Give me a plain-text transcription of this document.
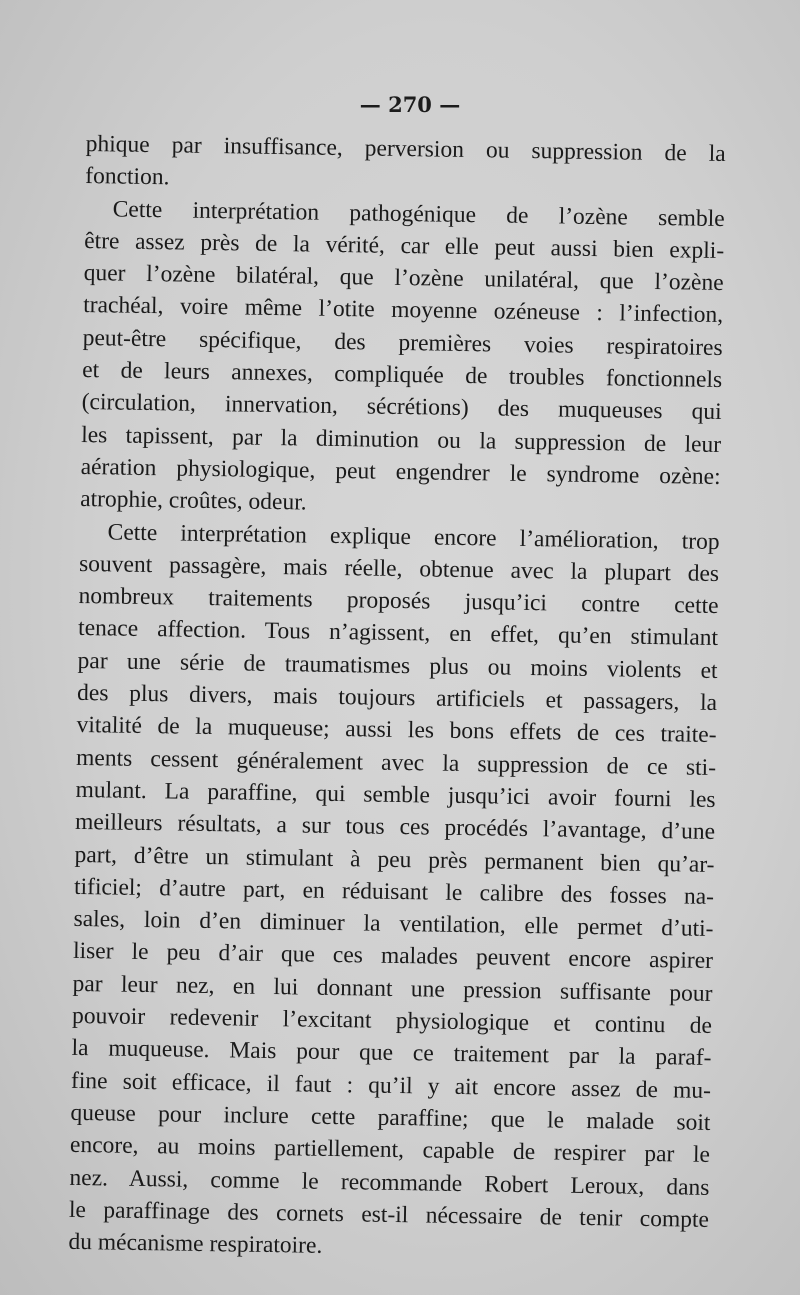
— 270 —
phique par insuffisance, perversion ou suppression de la
fonction.
Cette interprétation pathogénique de l’ozène semble
être assez près de la vérité, car elle peut aussi bien expli-
quer l’ozène bilatéral, que l’ozène unilatéral, que l’ozène
trachéal, voire même l’otite moyenne ozéneuse : l’infection,
peut-être spécifique, des premières voies respiratoires
et de leurs annexes, compliquée de troubles fonctionnels
(circulation, innervation, sécrétions) des muqueuses qui
les tapissent, par la diminution ou la suppression de leur
aération physiologique, peut engendrer le syndrome ozène:
atrophie, croûtes, odeur.
Cette interprétation explique encore l’amélioration, trop
souvent passagère, mais réelle, obtenue avec la plupart des
nombreux traitements proposés jusqu’ici contre cette
tenace affection. Tous n’agissent, en effet, qu’en stimulant
par une série de traumatismes plus ou moins violents et
des plus divers, mais toujours artificiels et passagers, la
vitalité de la muqueuse; aussi les bons effets de ces traite-
ments cessent généralement avec la suppression de ce sti-
mulant. La paraffine, qui semble jusqu’ici avoir fourni les
meilleurs résultats, a sur tous ces procédés l’avantage, d’une
part, d’être un stimulant à peu près permanent bien qu’ar-
tificiel; d’autre part, en réduisant le calibre des fosses na-
sales, loin d’en diminuer la ventilation, elle permet d’uti-
liser le peu d’air que ces malades peuvent encore aspirer
par leur nez, en lui donnant une pression suffisante pour
pouvoir redevenir l’excitant physiologique et continu de
la muqueuse. Mais pour que ce traitement par la paraf-
fine soit efficace, il faut : qu’il y ait encore assez de mu-
queuse pour inclure cette paraffine; que le malade soit
encore, au moins partiellement, capable de respirer par le
nez. Aussi, comme le recommande Robert Leroux, dans
le paraffinage des cornets est-il nécessaire de tenir compte
du mécanisme respiratoire.
